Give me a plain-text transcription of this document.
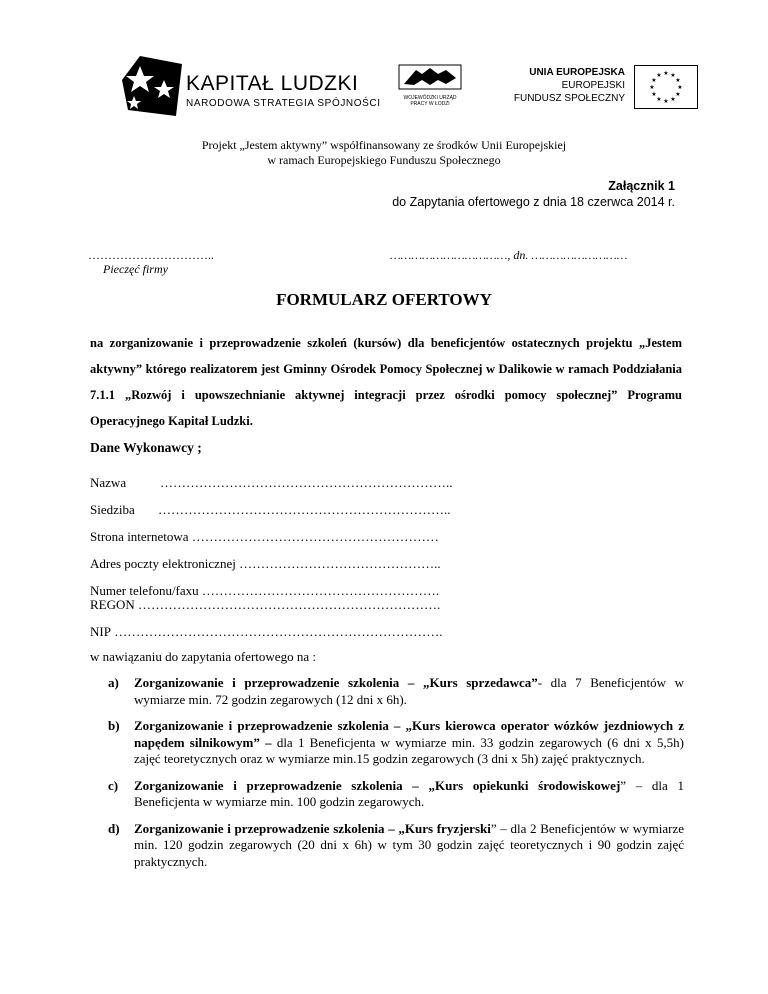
KAPITAŁ LUDZKI
NARODOWA STRATEGIA SPÓJNOŚCI	WOJEWÓDZKI URZĄD PRACY W ŁODZI
UNIA EUROPEJSKA
EUROPEJSKI
FUNDUSZ SPOŁECZNY
★ ★
★
★
★
★
★
★
★
★
★
★
Projekt „Jestem aktywny” współfinansowany ze środków Unii Europejskiej
w ramach Europejskiego Funduszu Społecznego
Załącznik 1
do Zapytania ofertowego z dnia 18 czerwca 2014 r.
…………………………..
Pieczęć firmy
……………………………, dn. ………………………
FORMULARZ OFERTOWY
na zorganizowanie i przeprowadzenie szkoleń (kursów) dla beneficjentów ostatecznych projektu „Jestem aktywny” którego realizatorem jest Gminny Ośrodek Pomocy Społecznej w Dalikowie w ramach Poddziałania 7.1.1 „Rozwój i upowszechnianie aktywnej integracji przez ośrodki pomocy społecznej” Programu Operacyjnego Kapitał Ludzki.
Dane Wykonawcy ;
Nazwa	…………………………………………………………..
Siedziba …………………………………………………………..
Strona internetowa …………………………………………………
Adres poczty elektronicznej ………………………………………..
Numer telefonu/faxu ……………………………………………….
REGON …………………………………………………………….
NIP ………………………………………………………………….
w nawiązaniu do zapytania ofertowego na :
a) Zorganizowanie i przeprowadzenie szkolenia – „Kurs sprzedawca”- dla 7 Beneficjentów w wymiarze min. 72 godzin zegarowych (12 dni x 6h).
b) Zorganizowanie i przeprowadzenie szkolenia – „Kurs kierowca operator wózków jezdniowych z napędem silnikowym” – dla 1 Beneficjenta w wymiarze min. 33 godzin zegarowych (6 dni x 5,5h) zajęć teoretycznych oraz w wymiarze min.15 godzin zegarowych (3 dni x 5h) zajęć praktycznych.
c) Zorganizowanie i przeprowadzenie szkolenia – „Kurs opiekunki środowiskowej” – dla 1 Beneficjenta w wymiarze min. 100 godzin zegarowych.
d) Zorganizowanie i przeprowadzenie szkolenia – „Kurs fryzjerski” – dla 2 Beneficjentów w wymiarze min. 120 godzin zegarowych (20 dni x 6h) w tym 30 godzin zajęć teoretycznych i 90 godzin zajęć praktycznych.
